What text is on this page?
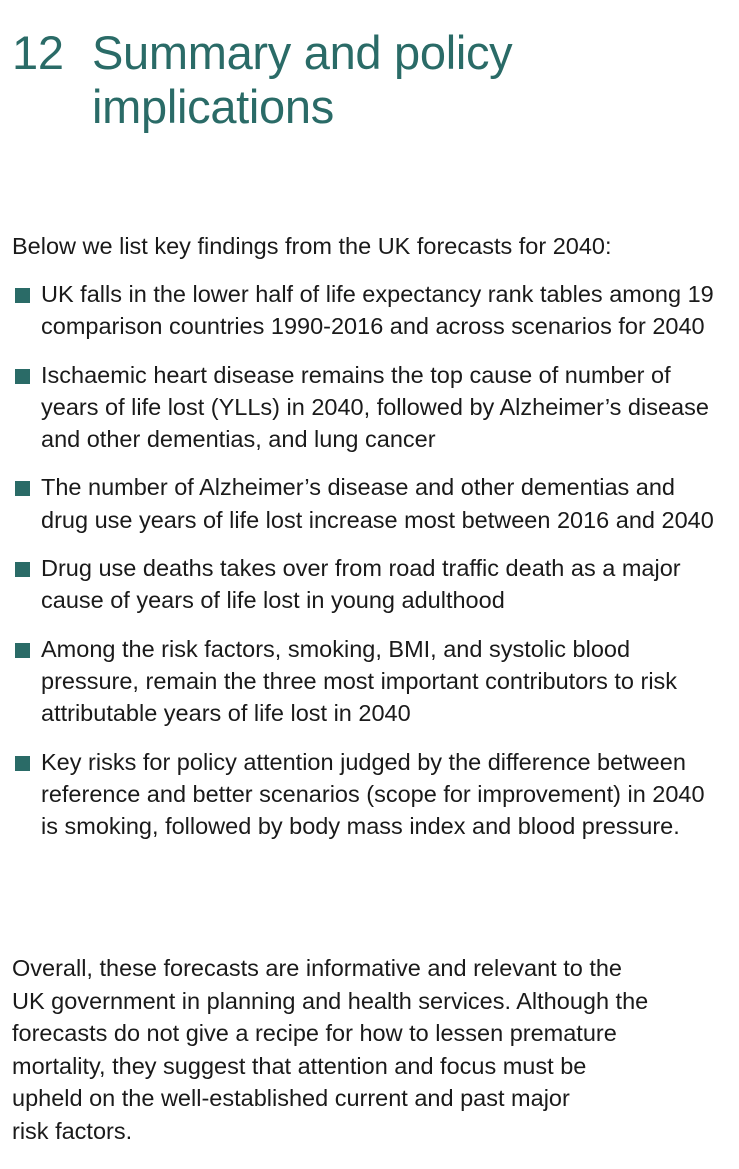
12 Summary and policy implications

Below we list key findings from the UK forecasts for 2040:

UK falls in the lower half of life expectancy rank tables among 19 comparison countries 1990-2016 and across scenarios for 2040
Ischaemic heart disease remains the top cause of number of years of life lost (YLLs) in 2040, followed by Alzheimer’s disease and other dementias, and lung cancer
The number of Alzheimer’s disease and other dementias and drug use years of life lost increase most between 2016 and 2040
Drug use deaths takes over from road traffic death as a major cause of years of life lost in young adulthood
Among the risk factors, smoking, BMI, and systolic blood pressure, remain the three most important contributors to risk attributable years of life lost in 2040
Key risks for policy attention judged by the difference between reference and better scenarios (scope for improvement) in 2040 is smoking, followed by body mass index and blood pressure.

Overall, these forecasts are informative and relevant to the
UK government in planning and health services. Although the
forecasts do not give a recipe for how to lessen premature
mortality, they suggest that attention and focus must be
upheld on the well-established current and past major
risk factors.
